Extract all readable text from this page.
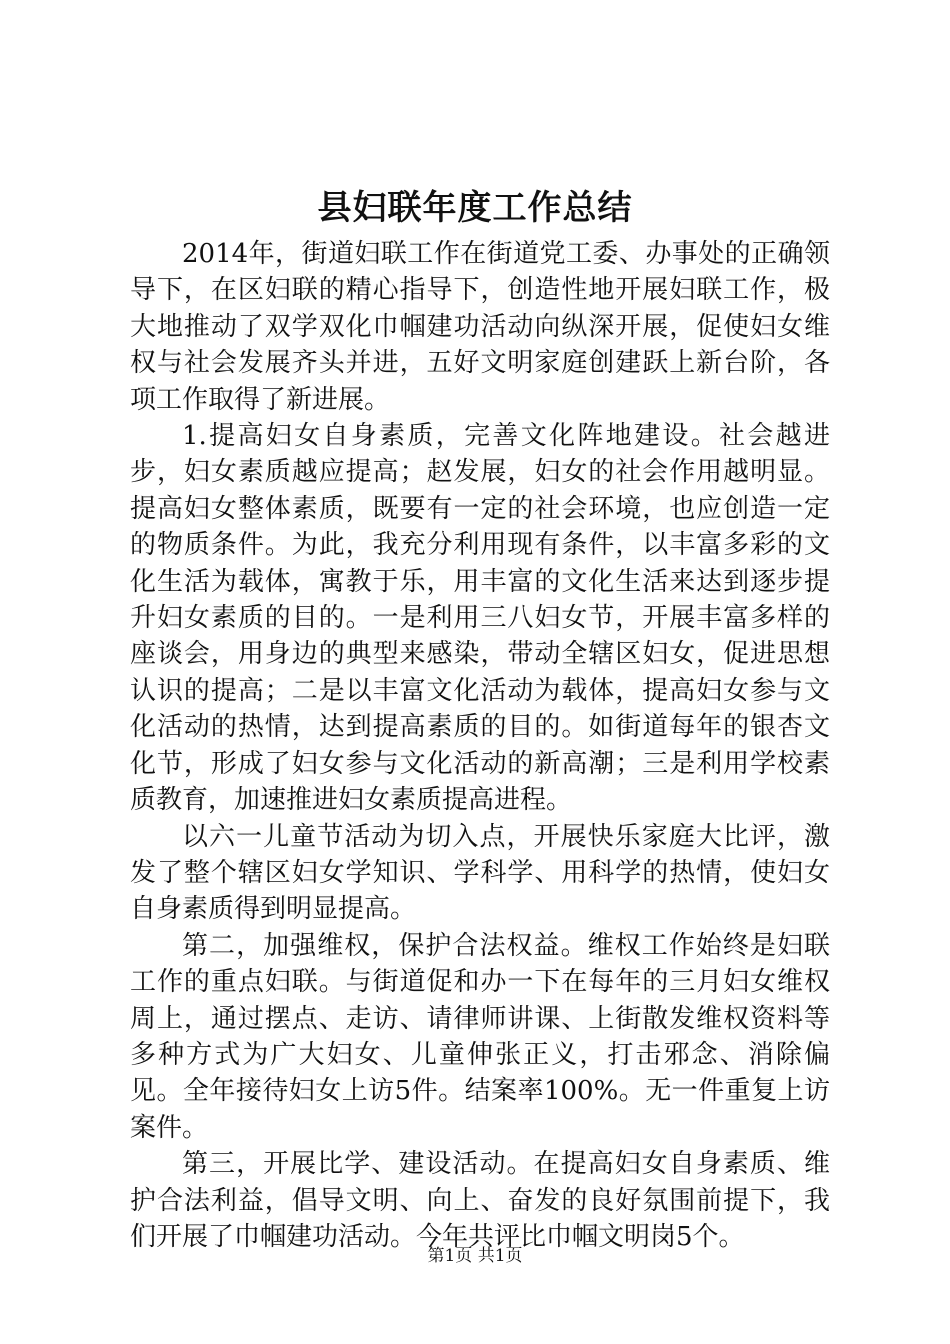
县妇联年度工作总结

2014年，街道妇联工作在街道党工委、办事处的正确领导下，在区妇联的精心指导下，创造性地开展妇联工作，极大地推动了双学双化巾帼建功活动向纵深开展，促使妇女维权与社会发展齐头并进，五好文明家庭创建跃上新台阶，各项工作取得了新进展。

1.提高妇女自身素质，完善文化阵地建设。社会越进步，妇女素质越应提高；赵发展，妇女的社会作用越明显。提高妇女整体素质，既要有一定的社会环境，也应创造一定的物质条件。为此，我充分利用现有条件，以丰富多彩的文化生活为载体，寓教于乐，用丰富的文化生活来达到逐步提升妇女素质的目的。一是利用三八妇女节，开展丰富多样的座谈会，用身边的典型来感染，带动全辖区妇女，促进思想认识的提高；二是以丰富文化活动为载体，提高妇女参与文化活动的热情，达到提高素质的目的。如街道每年的银杏文化节，形成了妇女参与文化活动的新高潮；三是利用学校素质教育，加速推进妇女素质提高进程。

以六一儿童节活动为切入点，开展快乐家庭大比评，激发了整个辖区妇女学知识、学科学、用科学的热情，使妇女自身素质得到明显提高。

第二，加强维权，保护合法权益。维权工作始终是妇联工作的重点妇联。与街道促和办一下在每年的三月妇女维权周上，通过摆点、走访、请律师讲课、上街散发维权资料等多种方式为广大妇女、儿童伸张正义，打击邪念、消除偏见。全年接待妇女上访5件。结案率100%。无一件重复上访案件。

第三，开展比学、建设活动。在提高妇女自身素质、维护合法利益，倡导文明、向上、奋发的良好氛围前提下，我们开展了巾帼建功活动。今年共评比巾帼文明岗5个。

第1页 共1页
